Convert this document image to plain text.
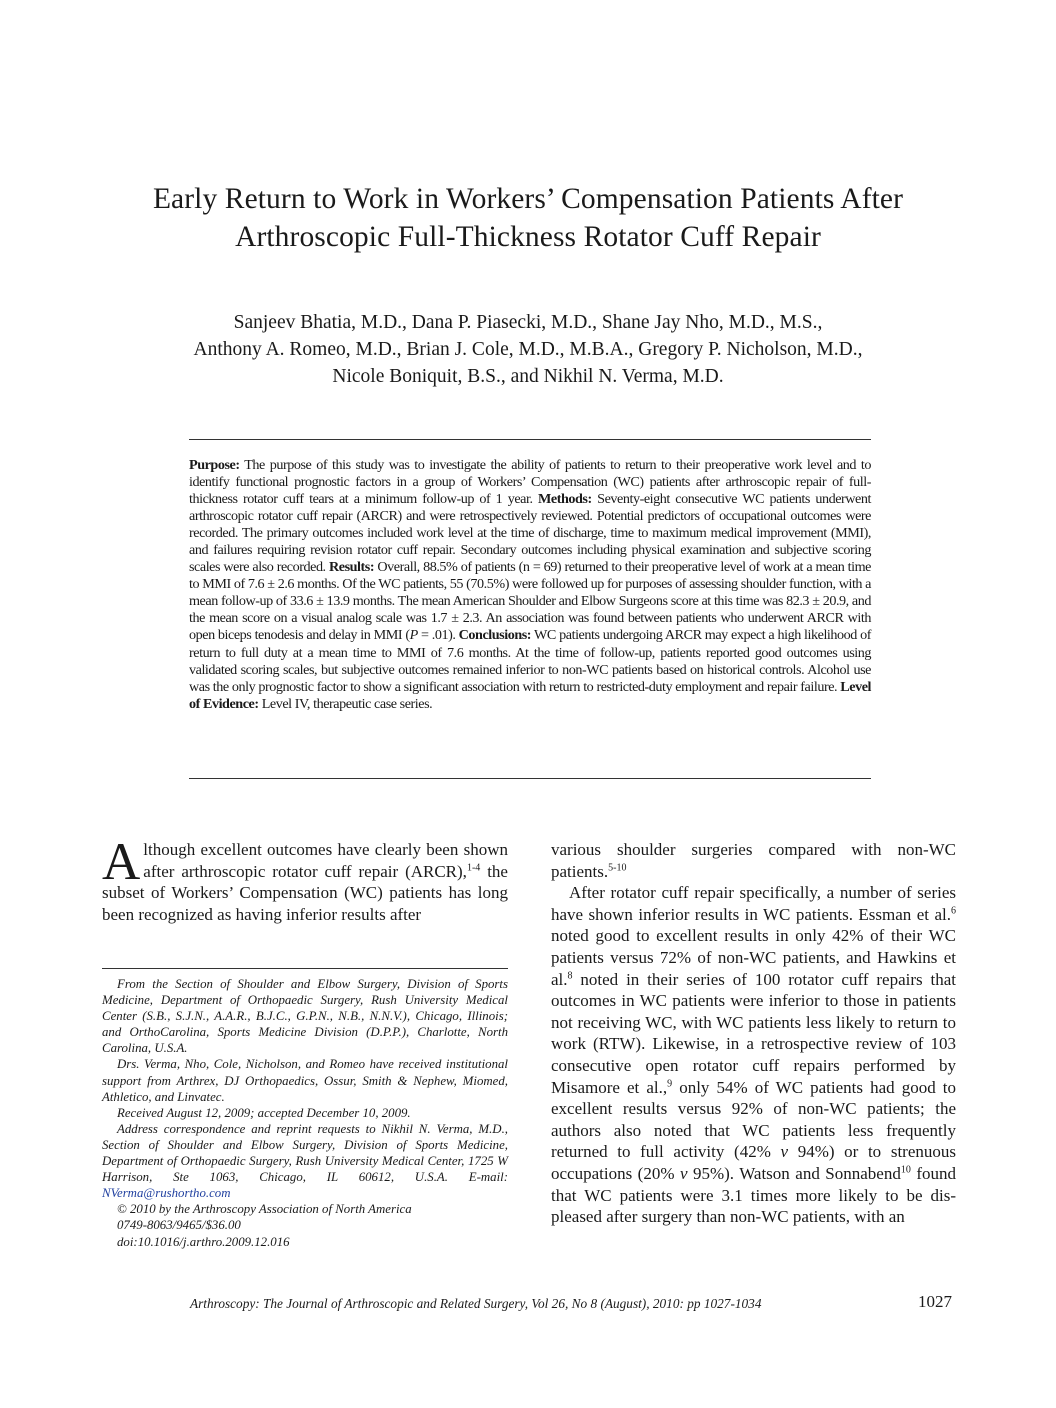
Early Return to Work in Workers’ Compensation Patients After
Arthroscopic Full-Thickness Rotator Cuff Repair
Sanjeev Bhatia, M.D., Dana P. Piasecki, M.D., Shane Jay Nho, M.D., M.S.,
Anthony A. Romeo, M.D., Brian J. Cole, M.D., M.B.A., Gregory P. Nicholson, M.D.,
Nicole Boniquit, B.S., and Nikhil N. Verma, M.D.

Purpose: The purpose of this study was to investigate the ability of patients to return to their preoperative work level and to identify functional prognostic factors in a group of Workers’ Compensation (WC) patients after arthroscopic repair of full-thickness rotator cuff tears at a minimum follow-up of 1 year. Methods: Seventy-eight consecutive WC patients underwent arthroscopic rotator cuff repair (ARCR) and were retrospectively reviewed. Potential predictors of occupational outcomes were recorded. The primary outcomes included work level at the time of discharge, time to maximum medical improvement (MMI), and failures requiring revision rotator cuff repair. Secondary outcomes including physical examination and subjective scoring scales were also recorded. Results: Overall, 88.5% of patients (n = 69) returned to their preoperative level of work at a mean time to MMI of 7.6 ± 2.6 months. Of the WC patients, 55 (70.5%) were followed up for purposes of assessing shoulder function, with a mean follow-up of 33.6 ± 13.9 months. The mean American Shoulder and Elbow Surgeons score at this time was 82.3 ± 20.9, and the mean score on a visual analog scale was 1.7 ± 2.3. An association was found between patients who underwent ARCR with open biceps tenodesis and delay in MMI (P = .01). Conclusions: WC patients undergoing ARCR may expect a high likelihood of return to full duty at a mean time to MMI of 7.6 months. At the time of follow-up, patients reported good outcomes using validated scoring scales, but subjective outcomes remained inferior to non-WC patients based on historical controls. Alcohol use was the only prognostic factor to show a significant association with return to restricted-duty employment and repair failure. Level of Evidence: Level IV, therapeutic case series.

Although excellent outcomes have clearly been shown after arthroscopic rotator cuff repair (ARCR),$^{1-4}$ the subset of Workers’ Compensation (WC) patients has long been recognized as having inferior results after

From the Section of Shoulder and Elbow Surgery, Division of Sports Medicine, Department of Orthopaedic Surgery, Rush University Medical Center (S.B., S.J.N., A.A.R., B.J.C., G.P.N., N.B., N.N.V.), Chicago, Illinois; and OrthoCarolina, Sports Medicine Division (D.P.P.), Charlotte, North Carolina, U.S.A.

Drs. Verma, Nho, Cole, Nicholson, and Romeo have received institutional support from Arthrex, DJ Orthopaedics, Ossur, Smith & Nephew, Miomed, Athletico, and Linvatec.

Received August 12, 2009; accepted December 10, 2009.

Address correspondence and reprint requests to Nikhil N. Verma, M.D., Section of Shoulder and Elbow Surgery, Division of Sports Medicine, Department of Orthopaedic Surgery, Rush University Medical Center, 1725 W Harrison, Ste 1063, Chicago, IL 60612, U.S.A. E-mail: NVerma@rushortho.com

© 2010 by the Arthroscopy Association of North America

0749-8063/9465/$36.00

doi:10.1016/j.arthro.2009.12.016

various shoulder surgeries compared with non-WC patients.$^{5-10}$

After rotator cuff repair specifically, a number of series have shown inferior results in WC patients. Essman et al.$^6$ noted good to excellent results in only 42% of their WC patients versus 72% of non-WC patients, and Hawkins et al.$^8$ noted in their series of 100 rotator cuff repairs that outcomes in WC patients were inferior to those in patients not receiving WC, with WC patients less likely to return to work (RTW). Likewise, in a retrospective review of 103 consecutive open rotator cuff repairs performed by Misamore et al.,$^9$ only 54% of WC patients had good to excellent results versus 92% of non-WC patients; the authors also noted that WC patients less frequently returned to full activity (42% v 94%) or to strenuous occupations (20% v 95%). Watson and Sonnabend$^{10}$ found that WC patients were 3.1 times more likely to be dis-pleased after surgery than non-WC patients, with an

Arthroscopy: The Journal of Arthroscopic and Related Surgery, Vol 26, No 8 (August), 2010: pp 1027-1034	1027
